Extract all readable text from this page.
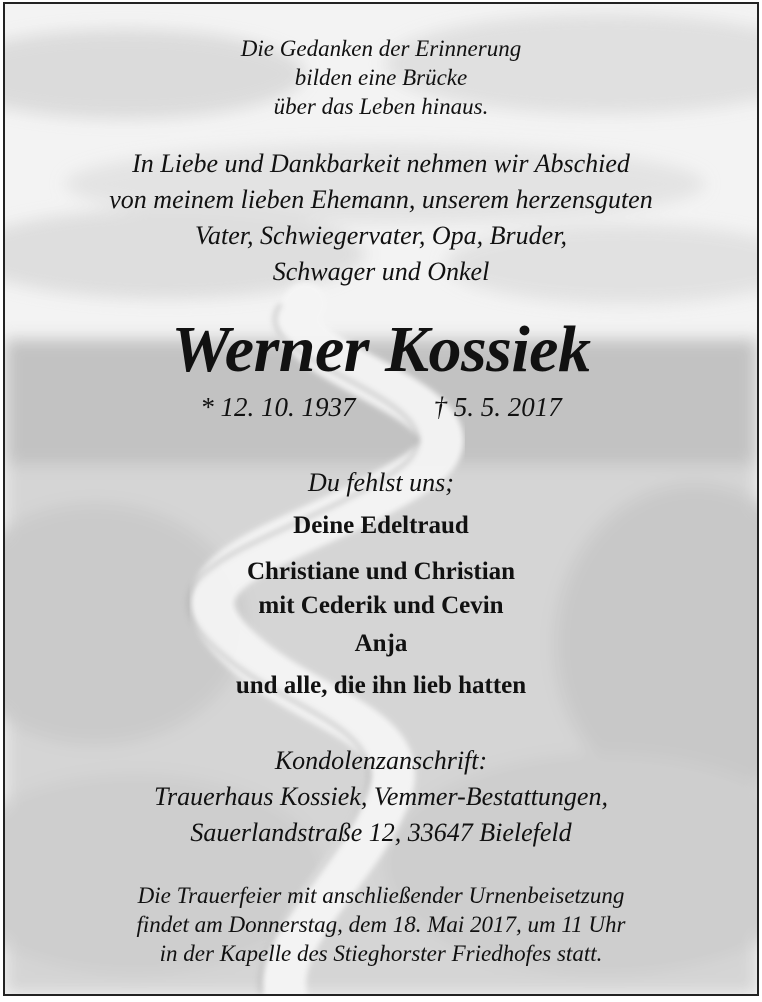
Die Gedanken der Erinnerung
bilden eine Brücke
über das Leben hinaus.
In Liebe und Dankbarkeit nehmen wir Abschied
von meinem lieben Ehemann, unserem herzensguten
Vater, Schwiegervater, Opa, Bruder,
Schwager und Onkel
Werner Kossiek
* 12. 10. 1937	† 5. 5. 2017
Du fehlst uns;
Deine Edeltraud
Christiane und Christian
mit Cederik und Cevin
Anja
und alle, die ihn lieb hatten
Kondolenzanschrift:
Trauerhaus Kossiek, Vemmer-Bestattungen,
Sauerlandstraße 12, 33647 Bielefeld
Die Trauerfeier mit anschließender Urnenbeisetzung
findet am Donnerstag, dem 18. Mai 2017, um 11 Uhr
in der Kapelle des Stieghorster Friedhofes statt.
